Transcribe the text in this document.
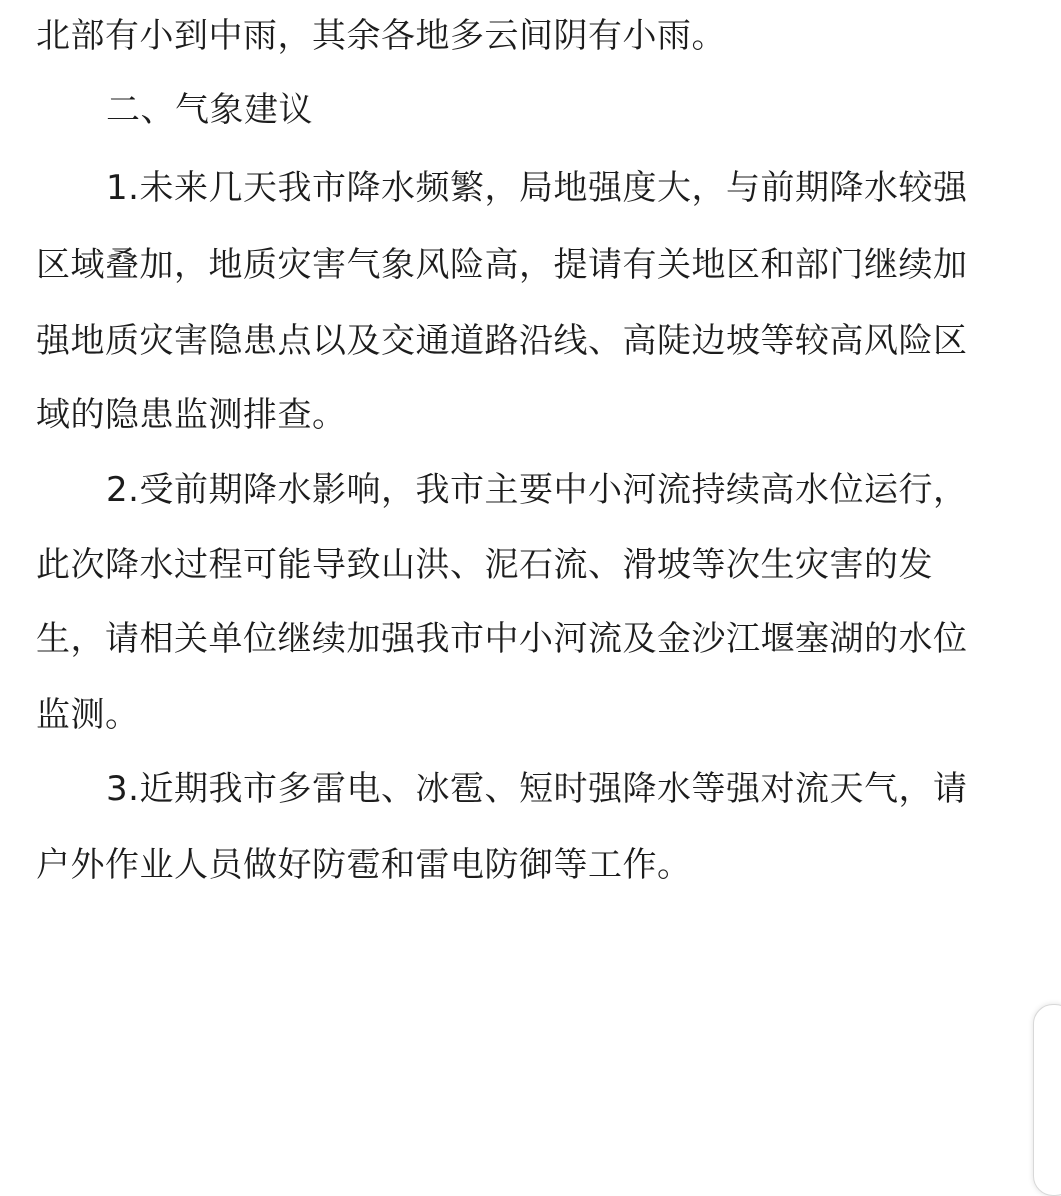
北部有小到中雨，其余各地多云间阴有小雨。
二、气象建议
1.未来几天我市降水频繁，局地强度大，与前期降水较强
区域叠加，地质灾害气象风险高，提请有关地区和部门继续加
强地质灾害隐患点以及交通道路沿线、高陡边坡等较高风险区
域的隐患监测排查。
2.受前期降水影响，我市主要中小河流持续高水位运行，
此次降水过程可能导致山洪、泥石流、滑坡等次生灾害的发
生，请相关单位继续加强我市中小河流及金沙江堰塞湖的水位
监测。
3.近期我市多雷电、冰雹、短时强降水等强对流天气，请
户外作业人员做好防雹和雷电防御等工作。
